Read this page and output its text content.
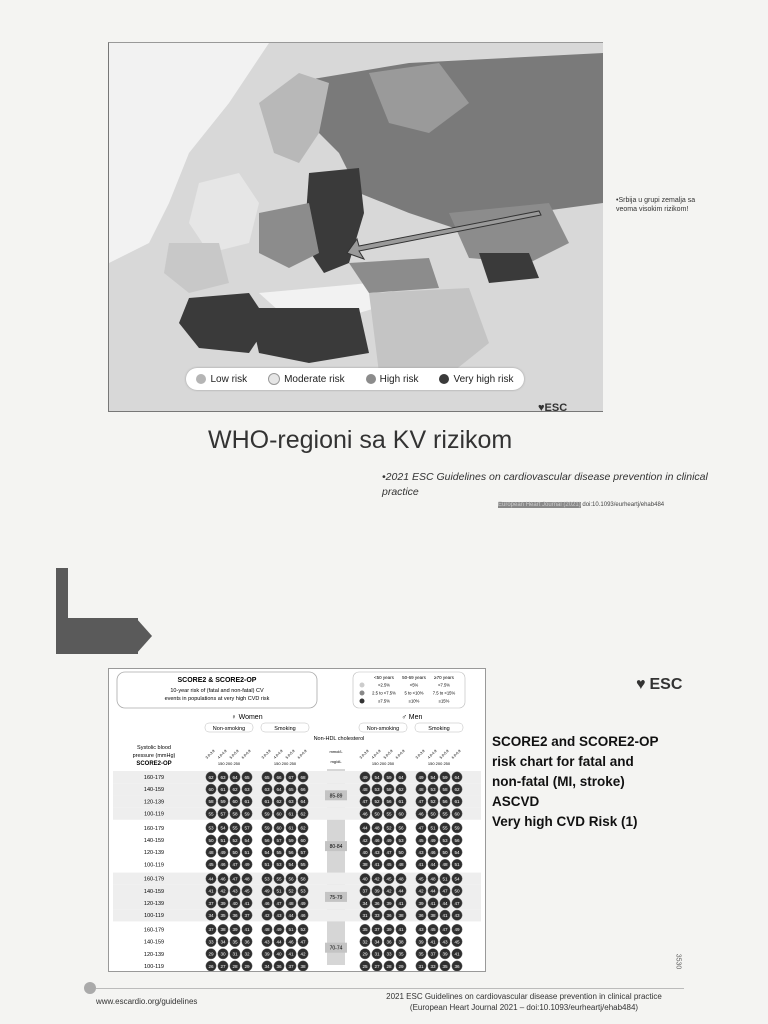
Low risk	Moderate risk	High risk	Very high risk
♥ESC
•Srbija u grupi zemalja sa veoma visokim rizikom!
WHO-regioni sa KV rizikom
•2021 ESC Guidelines on cardiovascular disease prevention in clinical practice
European Heart Journal (2021) doi:10.1093/eurheartj/ehab484
SCORE2 & SCORE2-OP
10-year risk of (fatal and non-fatal) CV
events in populations at very high CVD risk
<50 years 50-69 years ≥70 years
<2.5%	<5%	<7.5%
2.5 to <7.5% 5 to <10% 7.5 to <15%
≥7.5%	≥10%	≥15%
♀ Women	♂ Men
Non-smoking	Smoking	Non-smoking	Smoking
Non-HDL cholesterol
Systolic blood
pressure (mmHg)
SCORE2-OP
mmol/L
mg/dL
3.0-3.9 4.0-4.9 5.0-5.9 6.0-6.9
150 200 250
3.0-3.9 4.0-4.9 5.0-5.9 6.0-6.9
150 200 250
3.0-3.9 4.0-4.9 5.0-5.9 6.0-6.9
150 200 250
3.0-3.9 4.0-4.9 5.0-5.9 6.0-6.9
150 200 250
160-179	62 63 64 65	65 66 67 68	49 54 59 64	49 54 59 64
140-159	60 61 62 63	63 64 65 66	48 53 58 62	48 53 58 62
120-139	58 59 60 61	61 62 63 64	47 52 56 61	47 52 56 61
100-119	55 57 58 59	59 60 61 62	46 50 55 60	46 50 55 60
160-179	53 54 55 57	59 60 61 62	44 48 52 56	47 51 55 59
140-159	50 51 52 54	56 57 59 60	42 46 49 53	45 49 53 56
120-139	48 49 50 51	54 55 56 57	40 43 47 50	43 46 50 54
100-119	45 46 47 49	51 53 54 55	38 41 45 48	41 44 48 51
160-179	44 46 47 48	53 55 56 58	40 42 45 48	45 48 51 54
140-159	41 42 43 45	49 51 52 53	37 39 42 44	42 44 47 50
120-139	37 39 40 41	46 47 48 49	34 36 39 41	39 41 44 47
100-119	34 35 36 37	42 43 44 46	31 33 36 38	36 38 41 43
160-179	37 38 39 41	48 49 51 52	35 37 39 41	43 45 47 49
140-159	33 34 35 36	43 44 46 47	32 34 36 38	39 41 43 45
120-139	29 30 31 32	39 40 41 42	29 31 33 35	35 37 39 41
100-119	26 27 28 29	34 36 37 38	25 27 28 29	31 33 35 36
85-89
80-84
75-79
70-74
♥ ESC
SCORE2 and SCORE2-OP
risk chart for fatal and
non-fatal (MI, stroke)
ASCVD
Very high CVD Risk (1)
3530
www.escardio.org/guidelines
2021 ESC Guidelines on cardiovascular disease prevention in clinical practice
(European Heart Journal 2021 – doi:10.1093/eurheartj/ehab484)
